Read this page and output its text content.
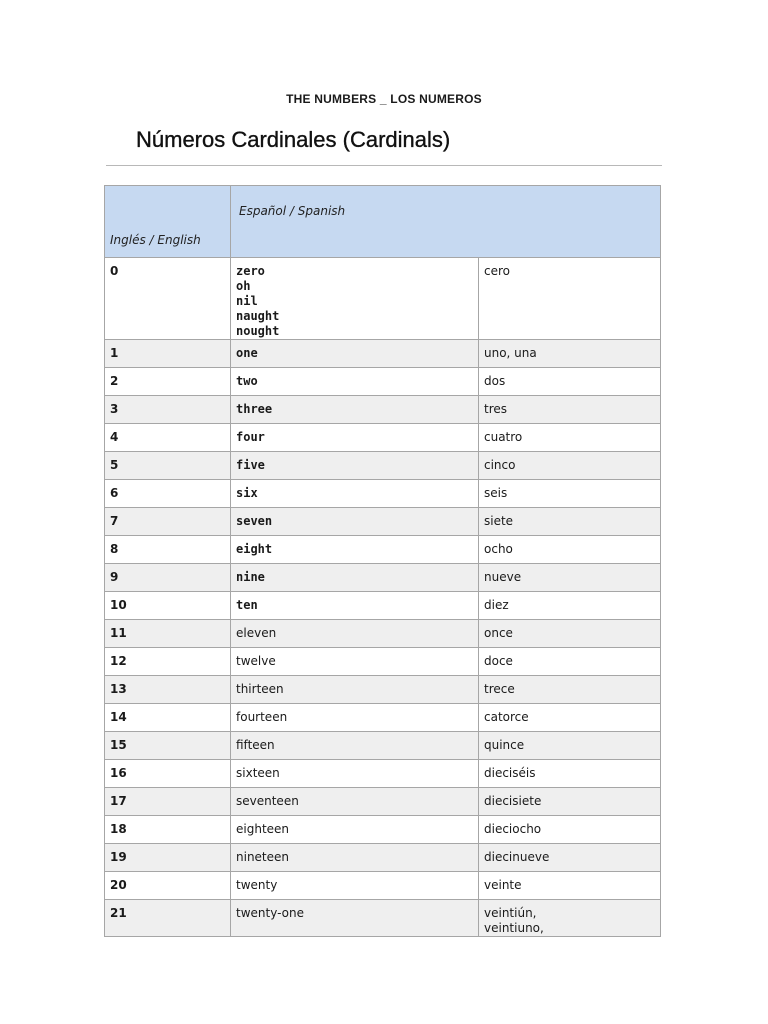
THE NUMBERS _ LOS NUMEROS
Números Cardinales (Cardinals)
Inglés / English	Español / Spanish	
0	zero
oh
nil
naught
nought	cero
1	one	uno, una
2	two	dos
3	three	tres
4	four	cuatro
5	five	cinco
6	six	seis
7	seven	siete
8	eight	ocho
9	nine	nueve
10	ten	diez
11	eleven	once
12	twelve	doce
13	thirteen	trece
14	fourteen	catorce
15	fifteen	quince
16	sixteen	dieciséis
17	seventeen	diecisiete
18	eighteen	dieciocho
19	nineteen	diecinueve
20	twenty	veinte
21	twenty-one	veintiún,
veintiuno,
